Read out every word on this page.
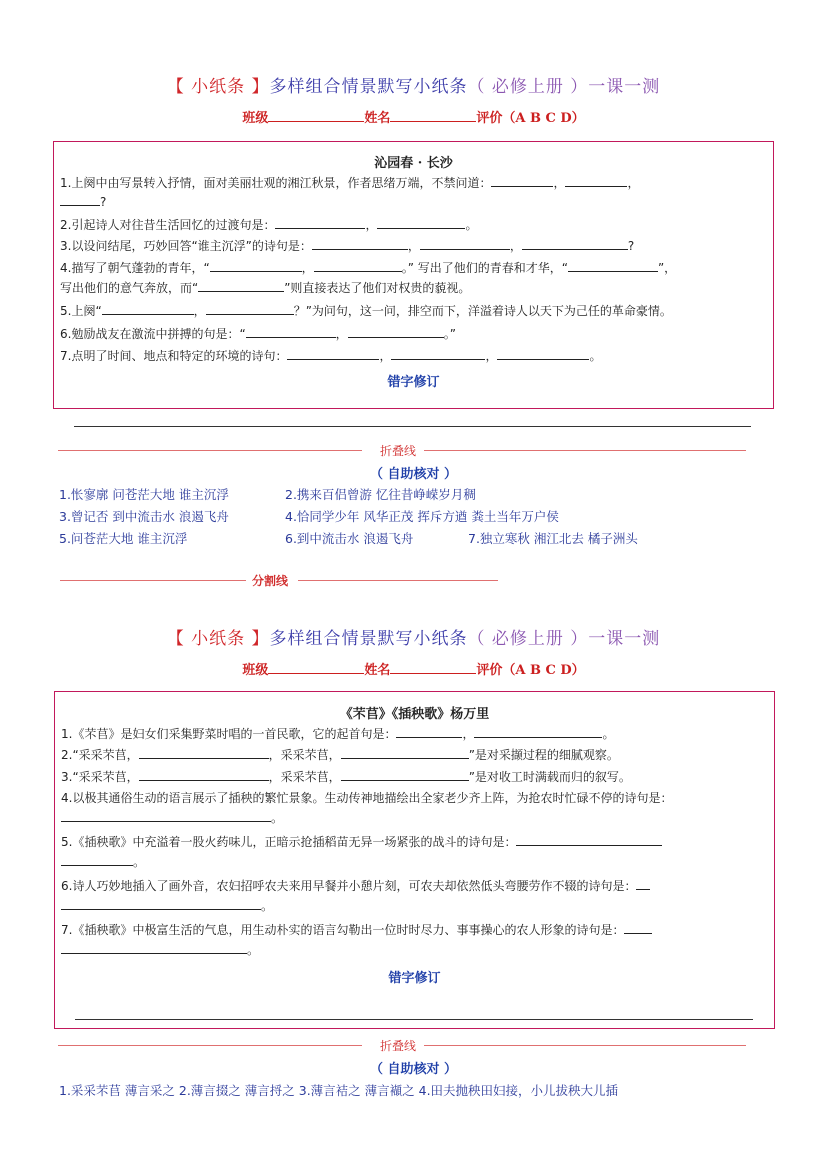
【 小纸条 】多样组合情景默写小纸条（ 必修上册 ）一课一测
班级	姓名	评价（A B C D）
沁园春 · 长沙
1.上阕中由写景转入抒情，面对美丽壮观的湘江秋景，作者思绪万端，不禁问道：	，	，
?
2.引起诗人对往昔生活回忆的过渡句是：	，	。
3.以设问结尾，巧妙回答“谁主沉浮”的诗句是：	，	，	?
4.描写了朝气蓬勃的青年，“	，	。” 写出了他们的青春和才华，“	”，
写出他们的意气奔放，而“	”则直接表达了他们对权贵的藐视。
5.上阕“	，	？”为问句，这一问，排空而下，洋溢着诗人以天下为己任的革命豪情。
6.勉励战友在激流中拼搏的句是：“	，	。”
7.点明了时间、地点和特定的环境的诗句：	，	，	。
错字修订
折叠线
（ 自助核对 ）
1.怅寥廓 问苍茫大地 谁主沉浮	2.携来百侣曾游 忆往昔峥嵘岁月稠
3.曾记否 到中流击水 浪遏飞舟	4.恰同学少年 风华正茂 挥斥方遒 粪土当年万户侯
5.问苍茫大地 谁主沉浮	6.到中流击水 浪遏飞舟	7.独立寒秋 湘江北去 橘子洲头
分割线
【 小纸条 】多样组合情景默写小纸条（ 必修上册 ）一课一测
班级	姓名	评价（A B C D）
《芣苢》《插秧歌》杨万里
1.《芣苢》是妇女们采集野菜时唱的一首民歌，它的起首句是：	，	。
2.“采采芣苢，	，采采芣苢，	”是对采撷过程的细腻观察。
3.“采采芣苢，	，采采芣苢，	”是对收工时满载而归的叙写。
4.以极其通俗生动的语言展示了插秧的繁忙景象。生动传神地描绘出全家老少齐上阵，为抢农时忙碌不停的诗句是：
。
5.《插秧歌》中充溢着一股火药味儿，正暗示抢插稻苗无异一场紧张的战斗的诗句是：
。
6.诗人巧妙地插入了画外音，农妇招呼农夫来用早餐并小憩片刻，可农夫却依然低头弯腰劳作不辍的诗句是：
。
7.《插秧歌》中极富生活的气息，用生动朴实的语言勾勒出一位时时尽力、事事操心的农人形象的诗句是：
。
错字修订
折叠线
（ 自助核对 ）
1.采采芣苢 薄言采之 2.薄言掇之 薄言捋之 3.薄言袺之 薄言襭之 4.田夫抛秧田妇接，小儿拔秧大儿插
